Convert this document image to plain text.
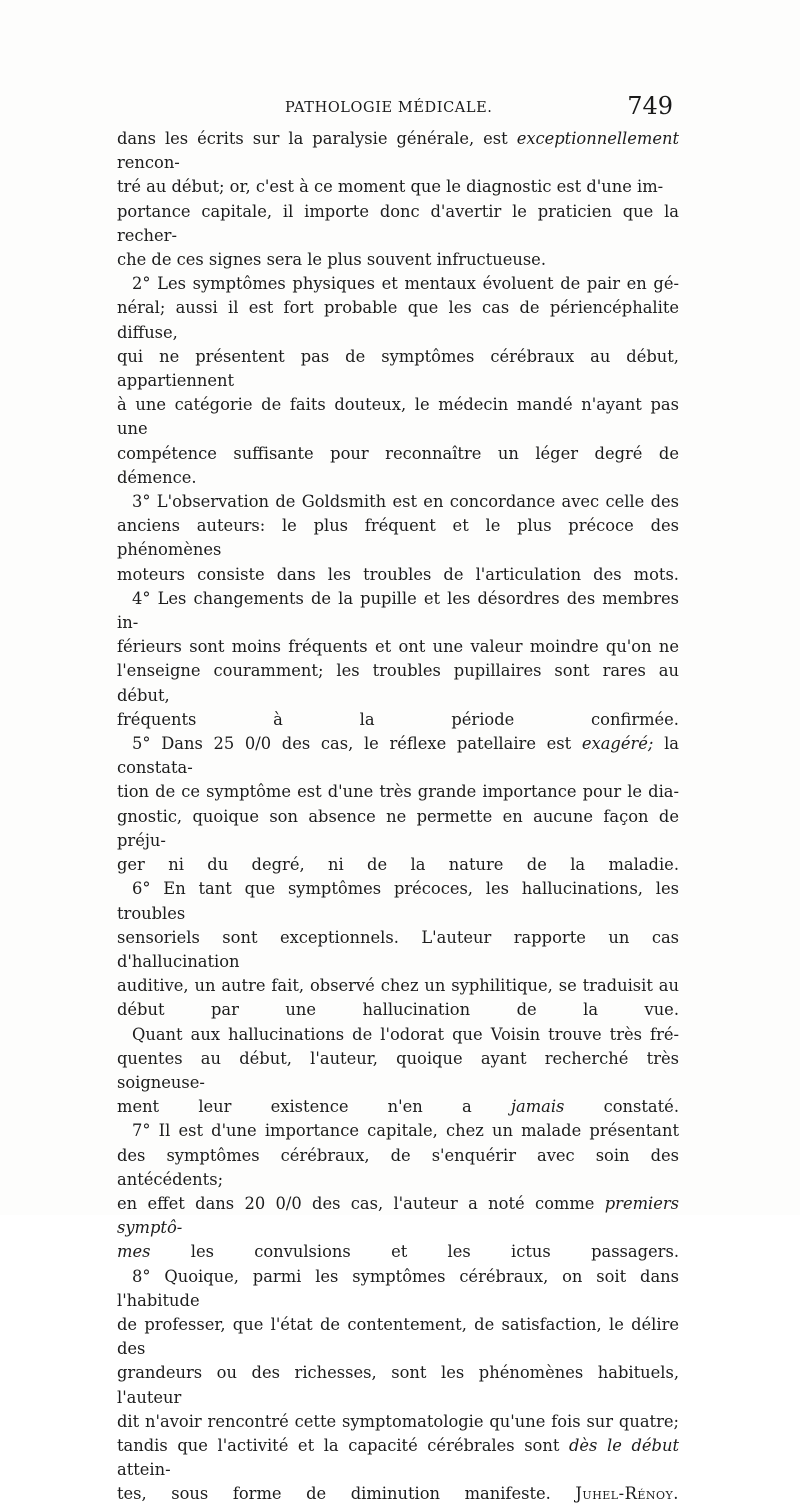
PATHOLOGIE MÉDICALE.	749

dans les écrits sur la paralysie générale, est exceptionnellement rencon-
tré au début; or, c'est à ce moment que le diagnostic est d'une im-
portance capitale, il importe donc d'avertir le praticien que la recher-
che de ces signes sera le plus souvent infructueuse.

2° Les symptômes physiques et mentaux évoluent de pair en gé-
néral; aussi il est fort probable que les cas de périencéphalite diffuse,
qui ne présentent pas de symptômes cérébraux au début, appartiennent
à une catégorie de faits douteux, le médecin mandé n'ayant pas une
compétence suffisante pour reconnaître un léger degré de démence.

3° L'observation de Goldsmith est en concordance avec celle des
anciens auteurs: le plus fréquent et le plus précoce des phénomènes
moteurs consiste dans les troubles de l'articulation des mots.

4° Les changements de la pupille et les désordres des membres in-
férieurs sont moins fréquents et ont une valeur moindre qu'on ne
l'enseigne couramment; les troubles pupillaires sont rares au début,
fréquents à la période confirmée.

5° Dans 25 0/0 des cas, le réflexe patellaire est exagéré; la constata-
tion de ce symptôme est d'une très grande importance pour le dia-
gnostic, quoique son absence ne permette en aucune façon de préju-
ger ni du degré, ni de la nature de la maladie.

6° En tant que symptômes précoces, les hallucinations, les troubles
sensoriels sont exceptionnels. L'auteur rapporte un cas d'hallucination
auditive, un autre fait, observé chez un syphilitique, se traduisit au
début par une hallucination de la vue.

Quant aux hallucinations de l'odorat que Voisin trouve très fré-
quentes au début, l'auteur, quoique ayant recherché très soigneuse-
ment leur existence n'en a jamais constaté.

7° Il est d'une importance capitale, chez un malade présentant
des symptômes cérébraux, de s'enquérir avec soin des antécédents;
en effet dans 20 0/0 des cas, l'auteur a noté comme premiers symptô-
mes les convulsions et les ictus passagers.

8° Quoique, parmi les symptômes cérébraux, on soit dans l'habitude
de professer, que l'état de contentement, de satisfaction, le délire des
grandeurs ou des richesses, sont les phénomènes habituels, l'auteur
dit n'avoir rencontré cette symptomatologie qu'une fois sur quatre;
tandis que l'activité et la capacité cérébrales sont dès le début attein-
tes, sous forme de diminution manifeste. Juhel-Rénoy.
